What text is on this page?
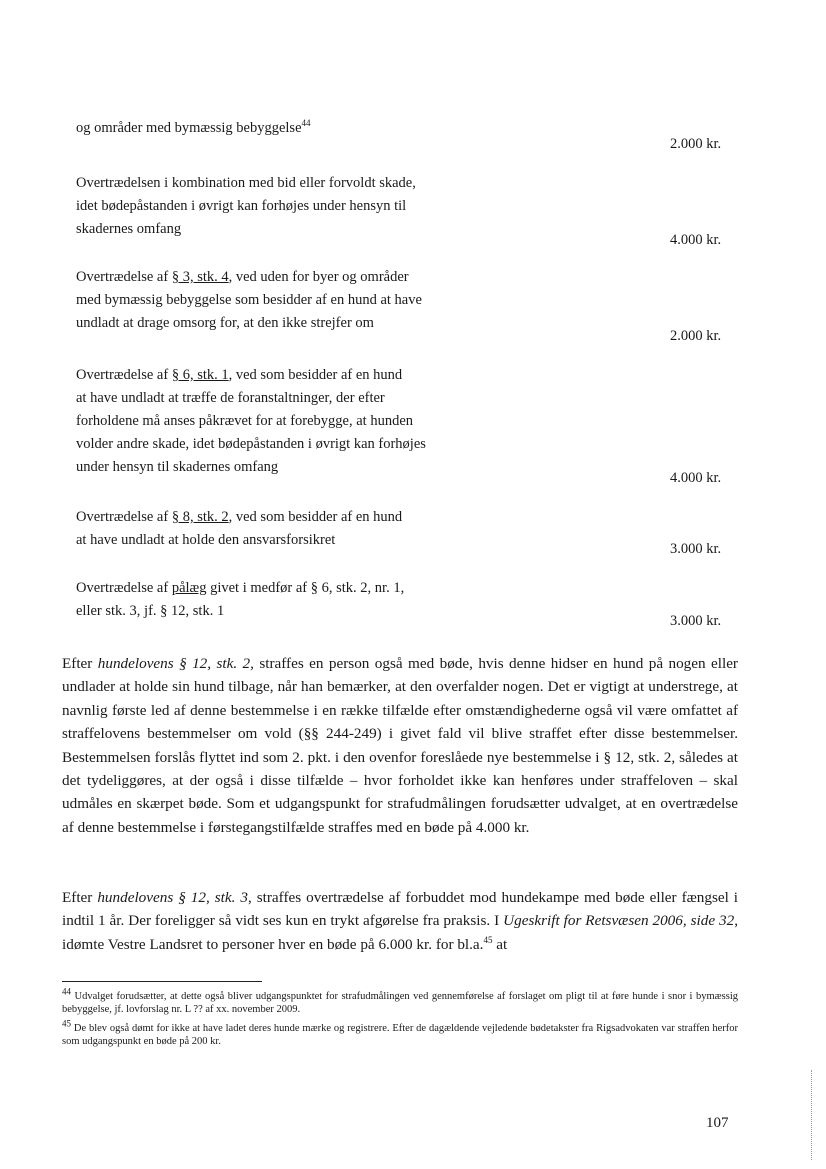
og områder med bymæssig bebyggelse$^{44}$
2.000 kr.
Overtrædelsen i kombination med bid eller forvoldt skade,
idet bødepåstanden i øvrigt kan forhøjes under hensyn til
skadernes omfang
4.000 kr.
Overtrædelse af § 3, stk. 4, ved uden for byer og områder
med bymæssig bebyggelse som besidder af en hund at have
undladt at drage omsorg for, at den ikke strejfer om
2.000 kr.
Overtrædelse af § 6, stk. 1, ved som besidder af en hund
at have undladt at træffe de foranstaltninger, der efter
forholdene må anses påkrævet for at forebygge, at hunden
volder andre skade, idet bødepåstanden i øvrigt kan forhøjes
under hensyn til skadernes omfang
4.000 kr.
Overtrædelse af § 8, stk. 2, ved som besidder af en hund
at have undladt at holde den ansvarsforsikret
3.000 kr.
Overtrædelse af pålæg givet i medfør af § 6, stk. 2, nr. 1,
eller stk. 3, jf. § 12, stk. 1
3.000 kr.
Efter hundelovens § 12, stk. 2, straffes en person også med bøde, hvis denne hidser en hund på nogen eller undlader at holde sin hund tilbage, når han bemærker, at den overfalder nogen. Det er vigtigt at understrege, at navnlig første led af denne bestemmelse i en række tilfælde efter omstændighederne også vil være omfattet af straffelovens bestemmelser om vold (§§ 244-249) i givet fald vil blive straffet efter disse bestemmelser. Bestemmelsen forslås flyttet ind som 2. pkt. i den ovenfor foreslåede nye bestemmelse i § 12, stk. 2, således at det tydeliggøres, at der også i disse tilfælde – hvor forholdet ikke kan henføres under straffeloven – skal udmåles en skærpet bøde. Som et udgangspunkt for strafudmålingen forudsætter udvalget, at en overtrædelse af denne bestemmelse i førstegangstilfælde straffes med en bøde på 4.000 kr.
Efter hundelovens § 12, stk. 3, straffes overtrædelse af forbuddet mod hundekampe med bøde eller fængsel i indtil 1 år. Der foreligger så vidt ses kun en trykt afgørelse fra praksis. I Ugeskrift for Retsvæsen 2006, side 32, idømte Vestre Landsret to personer hver en bøde på 6.000 kr. for bl.a.$^{45}$ at
$^{44}$ Udvalget forudsætter, at dette også bliver udgangspunktet for strafudmålingen ved gennemførelse af forslaget om pligt til at føre hunde i snor i bymæssig bebyggelse, jf. lovforslag nr. L ?? af xx. november 2009.
$^{45}$ De blev også dømt for ikke at have ladet deres hunde mærke og registrere. Efter de dagældende vejledende bødetakster fra Rigsadvokaten var straffen herfor som udgangspunkt en bøde på 200 kr.
107
